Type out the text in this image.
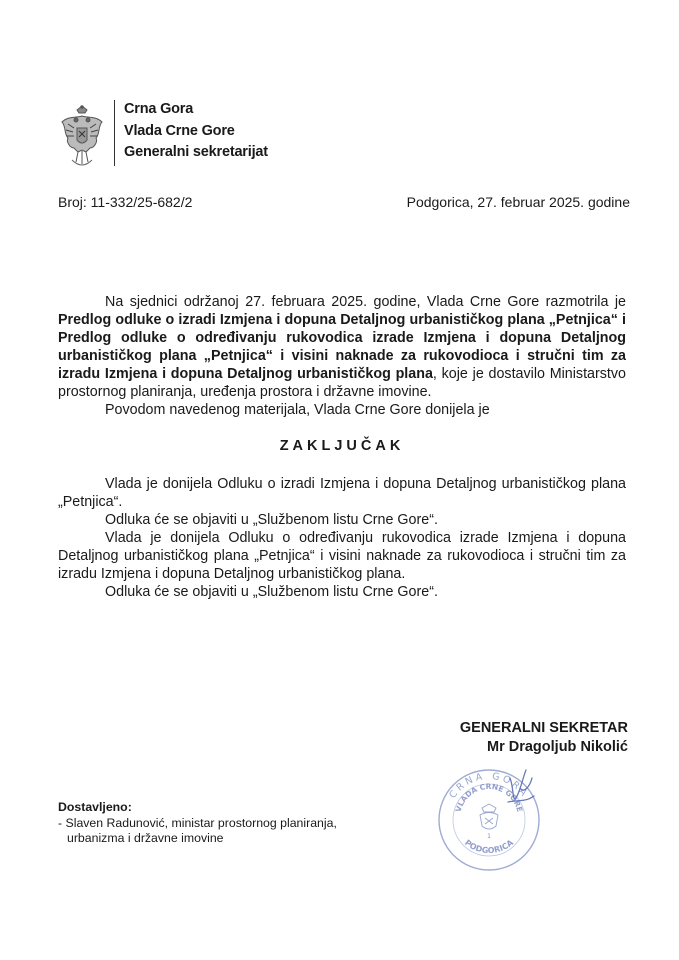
Crna Gora
Vlada Crne Gore
Generalni sekretarijat
Broj: 11-332/25-682/2	Podgorica, 27. februar 2025. godine

Na sjednici održanoj 27. februara 2025. godine, Vlada Crne Gore razmotrila je Predlog odluke o izradi Izmjena i dopuna Detaljnog urbanističkog plana „Petnjica“ i Predlog odluke o određivanju rukovodica izrade Izmjena i dopuna Detaljnog urbanističkog plana „Petnjica“ i visini naknade za rukovodioca i stručni tim za izradu Izmjena i dopuna Detaljnog urbanističkog plana, koje je dostavilo Ministarstvo prostornog planiranja, uređenja prostora i državne imovine.

Povodom navedenog materijala, Vlada Crne Gore donijela je

ZAKLJUČAK

Vlada je donijela Odluku o izradi Izmjena i dopuna Detaljnog urbanističkog plana „Petnjica“.

Odluka će se objaviti u „Službenom listu Crne Gore“.

Vlada je donijela Odluku o određivanju rukovodica izrade Izmjena i dopuna Detaljnog urbanističkog plana „Petnjica“ i visini naknade za rukovodioca i stručni tim za izradu Izmjena i dopuna Detaljnog urbanističkog plana.

Odluka će se objaviti u „Službenom listu Crne Gore“.

GENERALNI SEKRETAR
Mr Dragoljub Nikolić
CRNA GORA
VLADA CRNE GORE
PODGORICA
1
Dostavljeno:
- Slaven Radunović, ministar prostornog planiranja,
urbanizma i državne imovine
